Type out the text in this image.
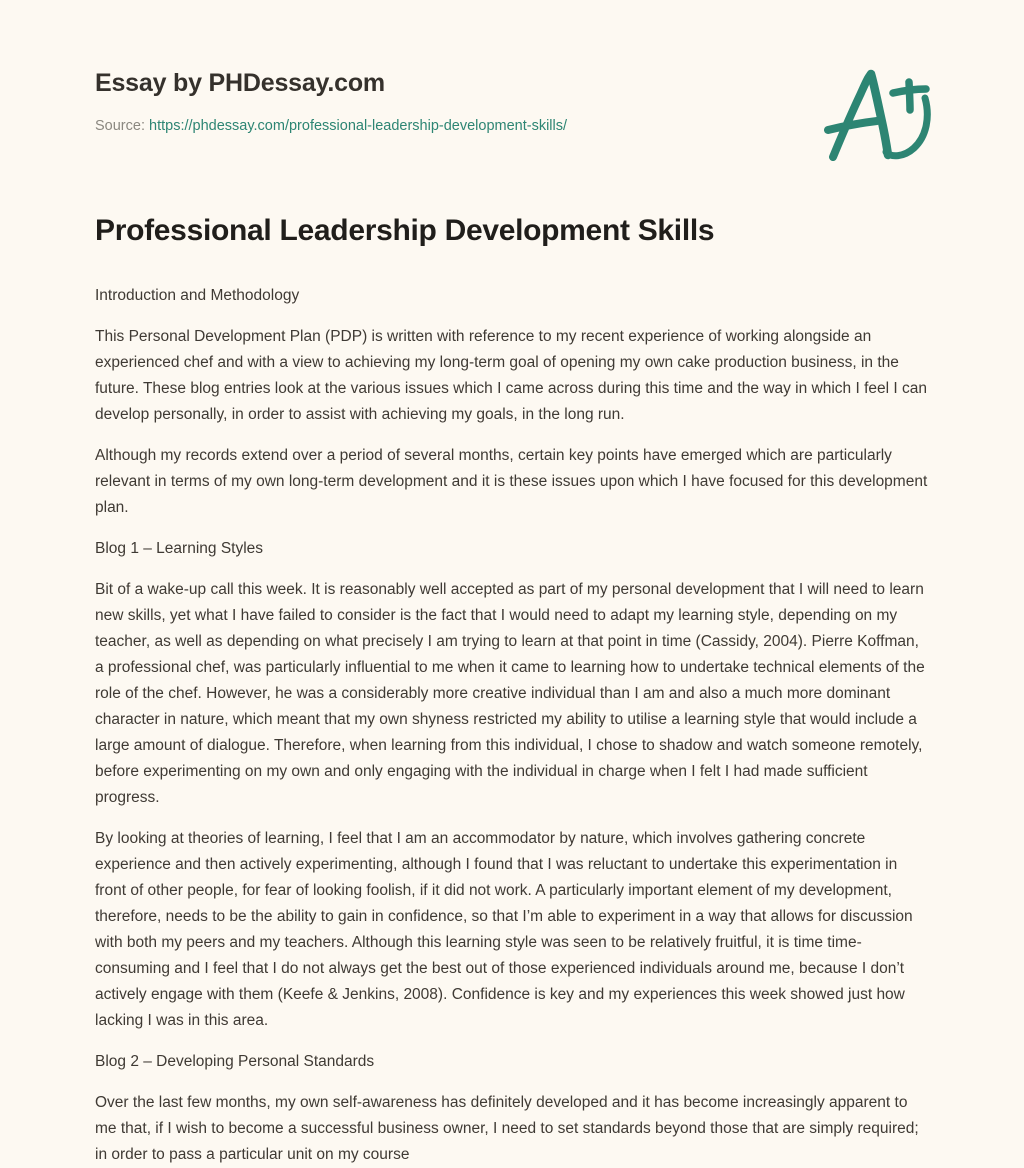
Essay by PHDessay.com
Source: https://phdessay.com/professional-leadership-development-skills/
Professional Leadership Development Skills

Introduction and Methodology

This Personal Development Plan (PDP) is written with reference to my recent experience of working alongside an experienced chef and with a view to achieving my long-term goal of opening my own cake production business, in the future. These blog entries look at the various issues which I came across during this time and the way in which I feel I can develop personally, in order to assist with achieving my goals, in the long run.

Although my records extend over a period of several months, certain key points have emerged which are particularly relevant in terms of my own long-term development and it is these issues upon which I have focused for this development plan.

Blog 1 – Learning Styles

Bit of a wake-up call this week. It is reasonably well accepted as part of my personal development that I will need to learn new skills, yet what I have failed to consider is the fact that I would need to adapt my learning style, depending on my teacher, as well as depending on what precisely I am trying to learn at that point in time (Cassidy, 2004). Pierre Koffman, a professional chef, was particularly influential to me when it came to learning how to undertake technical elements of the role of the chef. However, he was a considerably more creative individual than I am and also a much more dominant character in nature, which meant that my own shyness restricted my ability to utilise a learning style that would include a large amount of dialogue. Therefore, when learning from this individual, I chose to shadow and watch someone remotely, before experimenting on my own and only engaging with the individual in charge when I felt I had made sufficient progress.

By looking at theories of learning, I feel that I am an accommodator by nature, which involves gathering concrete experience and then actively experimenting, although I found that I was reluctant to undertake this experimentation in front of other people, for fear of looking foolish, if it did not work. A particularly important element of my development, therefore, needs to be the ability to gain in confidence, so that I’m able to experiment in a way that allows for discussion with both my peers and my teachers. Although this learning style was seen to be relatively fruitful, it is time time-consuming and I feel that I do not always get the best out of those experienced individuals around me, because I don’t actively engage with them (Keefe & Jenkins, 2008). Confidence is key and my experiences this week showed just how lacking I was in this area.

Blog 2 – Developing Personal Standards

Over the last few months, my own self-awareness has definitely developed and it has become increasingly apparent to me that, if I wish to become a successful business owner, I need to set standards beyond those that are simply required; in order to pass a particular unit on my course
